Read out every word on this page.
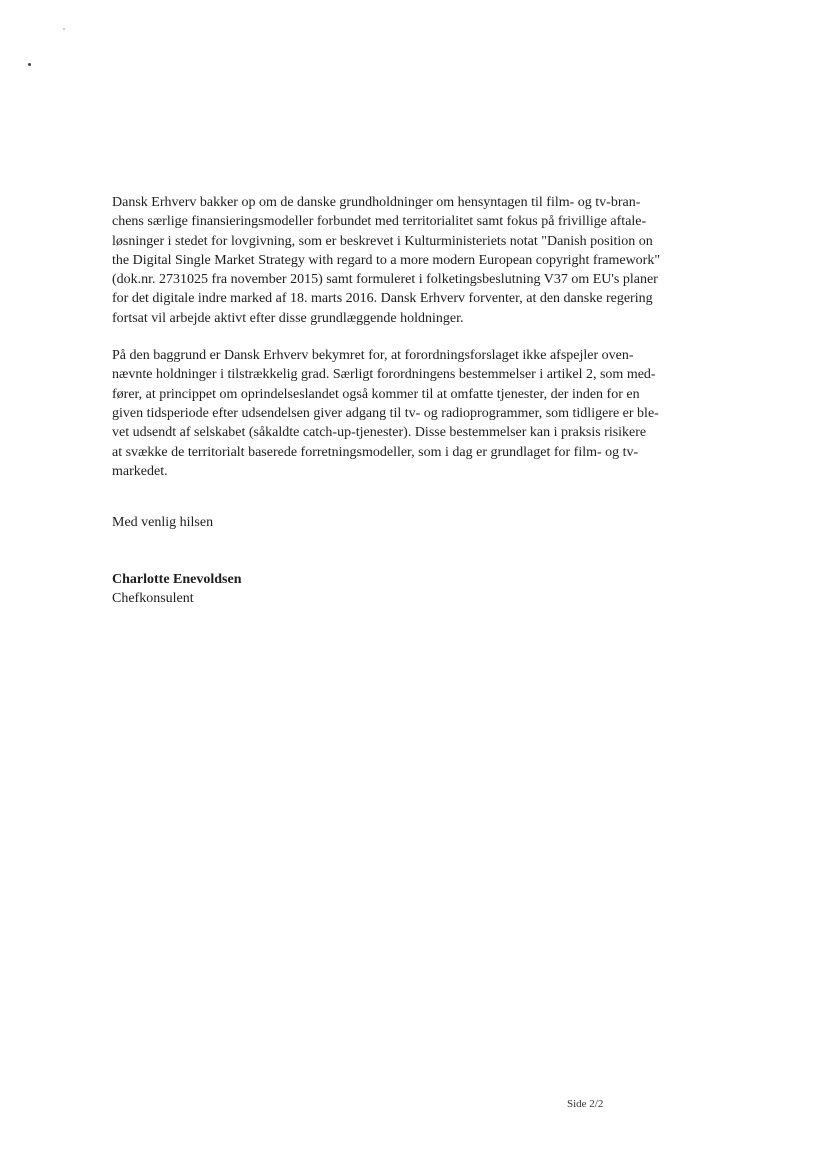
Dansk Erhverv bakker op om de danske grundholdninger om hensyntagen til film- og tv-bran-
chens særlige finansieringsmodeller forbundet med territorialitet samt fokus på frivillige aftale-
løsninger i stedet for lovgivning, som er beskrevet i Kulturministeriets notat "Danish position on
the Digital Single Market Strategy with regard to a more modern European copyright framework"
(dok.nr. 2731025 fra november 2015) samt formuleret i folketingsbeslutning V37 om EU's planer
for det digitale indre marked af 18. marts 2016. Dansk Erhverv forventer, at den danske regering
fortsat vil arbejde aktivt efter disse grundlæggende holdninger.

På den baggrund er Dansk Erhverv bekymret for, at forordningsforslaget ikke afspejler oven-
nævnte holdninger i tilstrækkelig grad. Særligt forordningens bestemmelser i artikel 2, som med-
fører, at princippet om oprindelseslandet også kommer til at omfatte tjenester, der inden for en
given tidsperiode efter udsendelsen giver adgang til tv- og radioprogrammer, som tidligere er ble-
vet udsendt af selskabet (såkaldte catch-up-tjenester). Disse bestemmelser kan i praksis risikere
at svække de territorialt baserede forretningsmodeller, som i dag er grundlaget for film- og tv-
markedet.

Med venlig hilsen
Charlotte Enevoldsen
Chefkonsulent
Side 2/2
